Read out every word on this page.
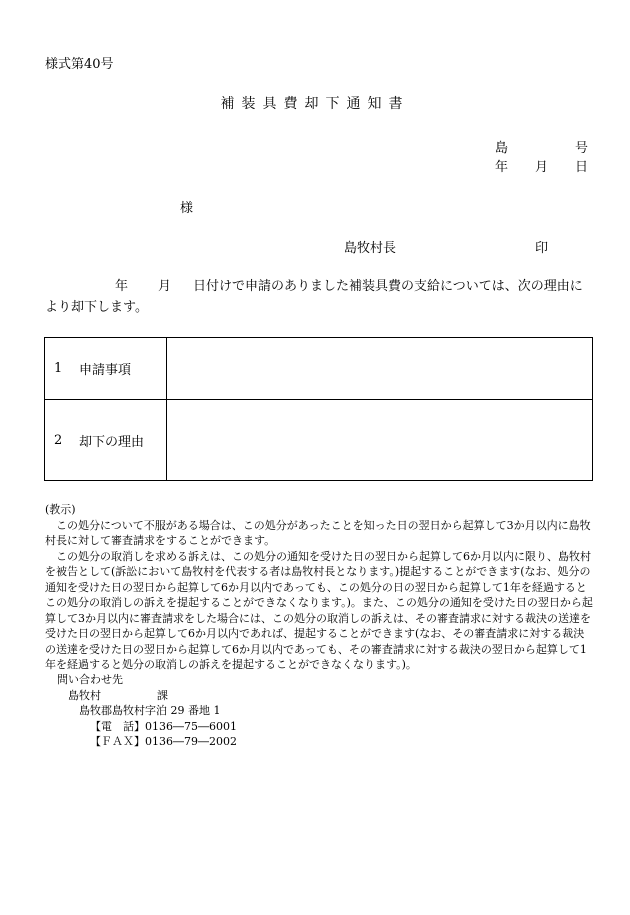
様式第40号
補装具費却下通知書
島	号
年 月 日
様
島牧村長	印
年 月 日付けで申請のありました補装具費の支給については、次の理由により却下します。
1 申請事項	

2 却下の理由	

(教示)

この処分について不服がある場合は、この処分があったことを知った日の翌日から起算して3か月以内に島牧村長に対して審査請求をすることができます。

この処分の取消しを求める訴えは、この処分の通知を受けた日の翌日から起算して6か月以内に限り、島牧村を被告として(訴訟において島牧村を代表する者は島牧村長となります。)提起することができます(なお、処分の通知を受けた日の翌日から起算して6か月以内であっても、この処分の日の翌日から起算して1年を経過するとこの処分の取消しの訴えを提起することができなくなります。)。また、この処分の通知を受けた日の翌日から起算して3か月以内に審査請求をした場合には、この処分の取消しの訴えは、その審査請求に対する裁決の送達を受けた日の翌日から起算して6か月以内であれば、提起することができます(なお、その審査請求に対する裁決の送達を受けた日の翌日から起算して6か月以内であっても、その審査請求に対する裁決の翌日から起算して1年を経過すると処分の取消しの訴えを提起することができなくなります。)。

問い合わせ先
島牧村	課
島牧郡島牧村字泊 29 番地 1
【電　話】0136―75―6001
【ＦＡＸ】0136―79―2002
